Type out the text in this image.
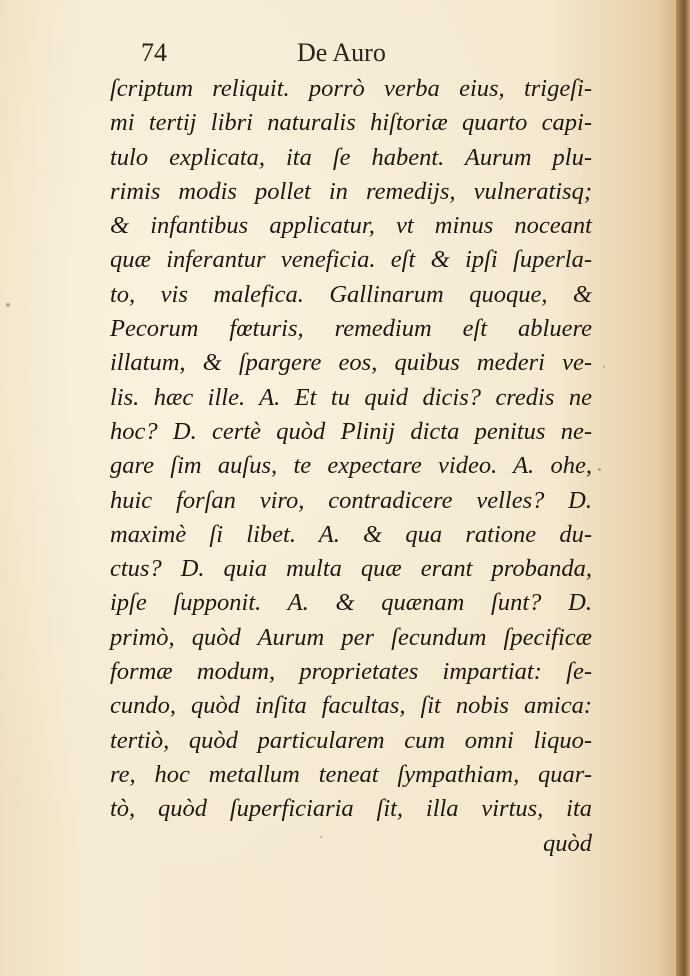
74	De Auro
ſcriptum reliquit. porrò verba eius, trigeſi-
mi tertij libri naturalis hiſtoriæ quarto capi-
tulo explicata, ita ſe habent. Aurum plu-
rimis modis pollet in remedijs, vulneratisq;
& infantibus applicatur, vt minus noceant
quæ inferantur veneficia. eſt & ipſi ſuperla-
to, vis malefica. Gallinarum quoque, &
Pecorum fœturis, remedium eſt abluere
illatum, & ſpargere eos, quibus mederi ve-
lis. hæc ille. A. Et tu quid dicis? credis ne
hoc? D. certè quòd Plinij dicta penitus ne-
gare ſim auſus, te expectare video. A. ohe,
huic forſan viro, contradicere velles? D.
maximè ſi libet. A. & qua ratione du-
ctus? D. quia multa quæ erant probanda,
ipſe ſupponit. A. & quænam ſunt? D.
primò, quòd Aurum per ſecundum ſpecificæ
formæ modum, proprietates impartiat: ſe-
cundo, quòd inſita facultas, ſit nobis amica:
tertiò, quòd particularem cum omni liquo-
re, hoc metallum teneat ſympathiam, quar-
tò, quòd ſuperficiaria ſit, illa virtus, ita
quòd
